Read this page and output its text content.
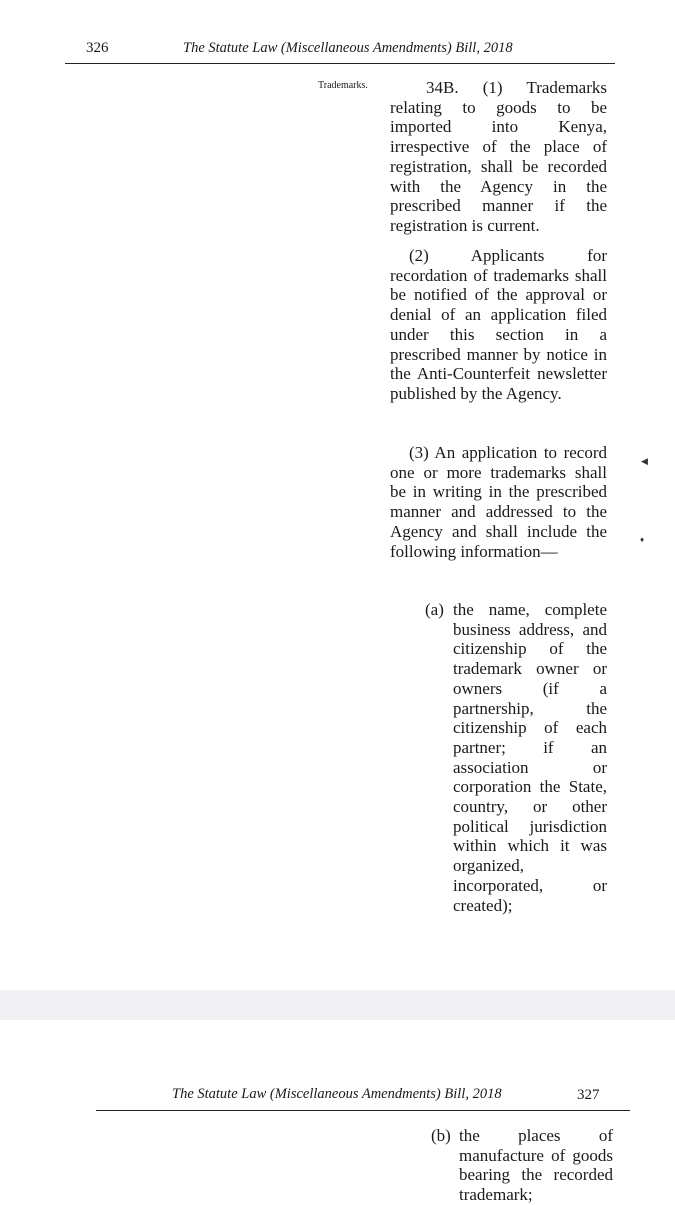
326	The Statute Law (Miscellaneous Amendments) Bill, 2018
Trademarks.	34B. (1) Trademarks relating to goods to be imported into Kenya, irrespective of the place of registration, shall be recorded with the Agency in the prescribed manner if the registration is current.
(2) Applicants for recordation of trademarks shall be notified of the approval or denial of an application filed under this section in a prescribed manner by notice in the Anti-Counterfeit newsletter published by the Agency.
(3) An application to record one or more trademarks shall be in writing in the prescribed manner and addressed to the Agency and shall include the following information—
(a) the name, complete business address, and citizenship of the trademark owner or owners (if a partnership, the citizenship of each partner; if an association or corporation the State, country, or other political jurisdiction within which it was organized, incorporated, or created);
◀
♦
The Statute Law (Miscellaneous Amendments) Bill, 2018	327
(b) the places of manufacture of goods bearing the recorded trademark;
